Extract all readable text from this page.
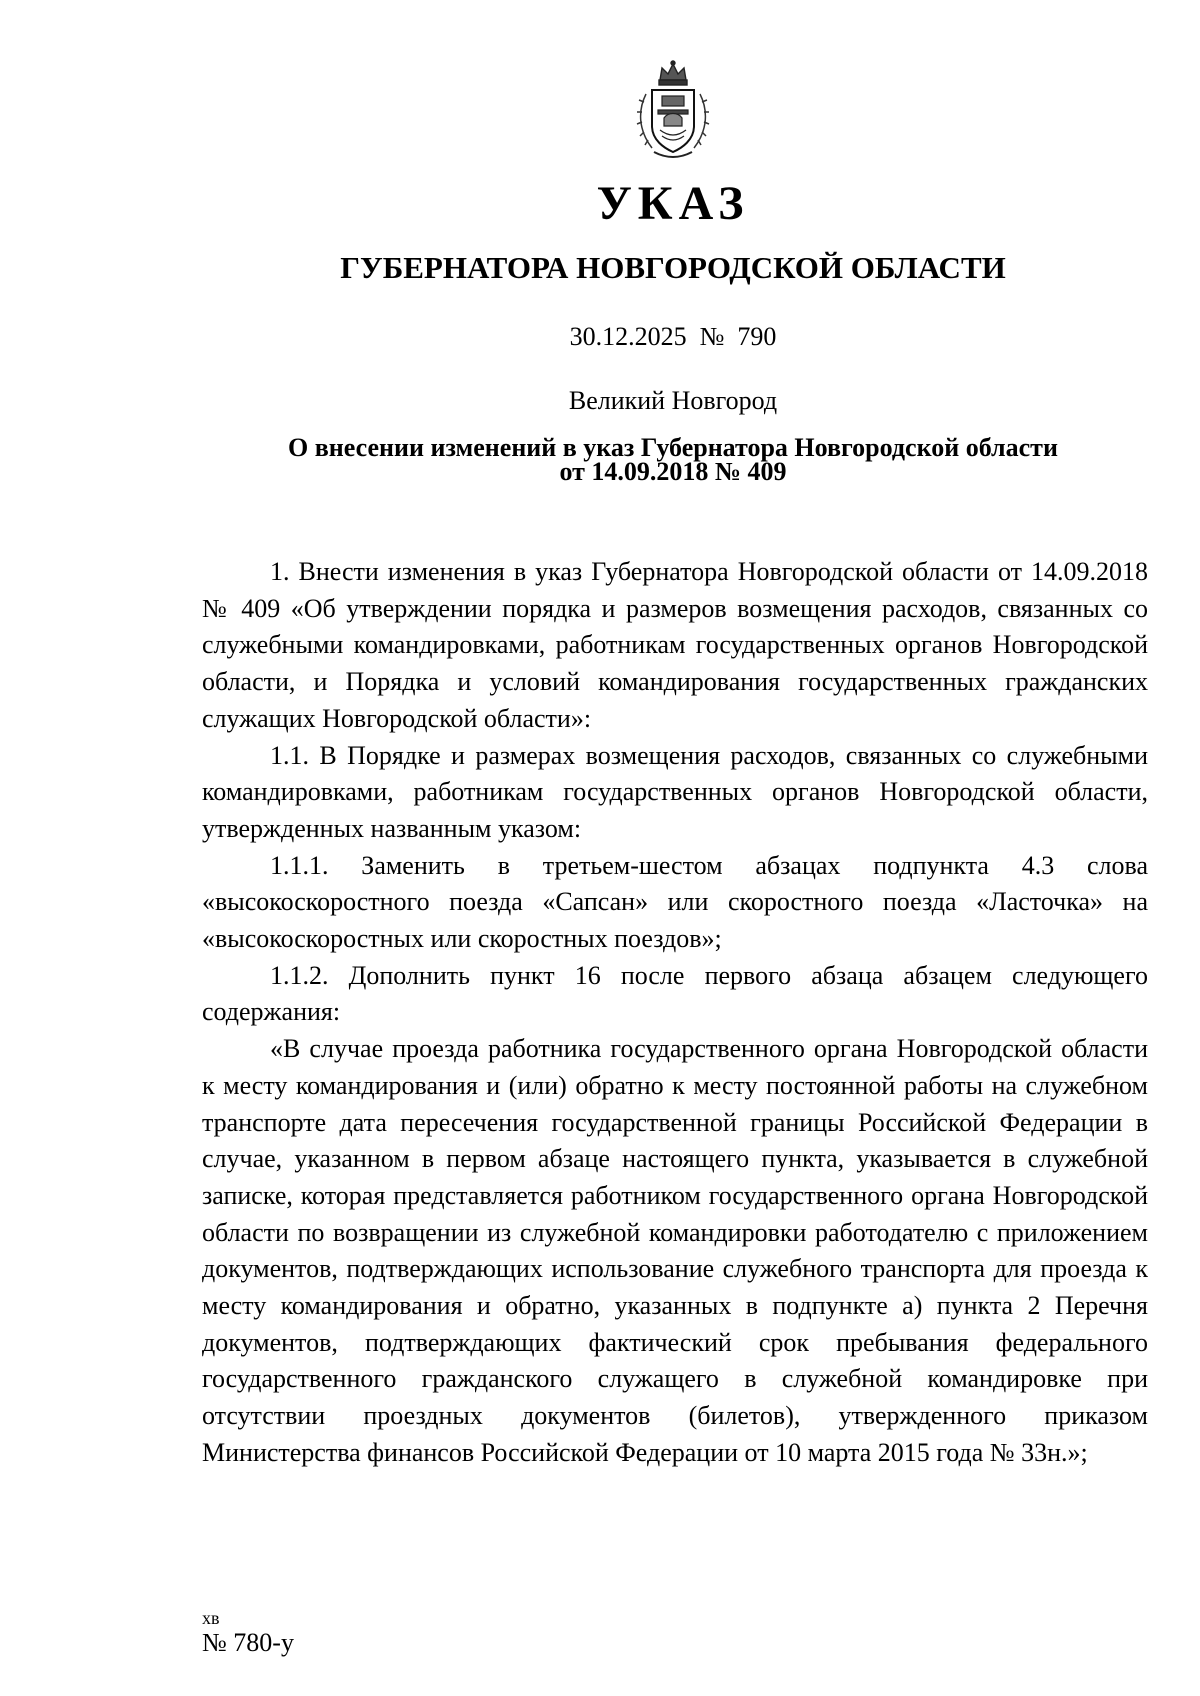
УКАЗ
ГУБЕРНАТОРА НОВГОРОДСКОЙ ОБЛАСТИ
30.12.2025  №  790
Великий Новгород
О внесении изменений в указ Губернатора Новгородской области
от 14.09.2018 № 409

1. Внести изменения в указ Губернатора Новгородской области от 14.09.2018 № 409 «Об утверждении порядка и размеров возмещения расходов, связанных со служебными командировками, работникам государственных органов Новгородской области, и Порядка и условий командирования государственных гражданских служащих Новгородской области»:

1.1. В Порядке и размерах возмещения расходов, связанных со служебными командировками, работникам государственных органов Новгородской области, утвержденных названным указом:

1.1.1. Заменить в третьем-шестом абзацах подпункта 4.3 слова «высокоскоростного поезда «Сапсан» или скоростного поезда «Ласточка» на «высокоскоростных или скоростных поездов»;

1.1.2. Дополнить пункт 16 после первого абзаца абзацем следующего содержания:

«В случае проезда работника государственного органа Новгородской области к месту командирования и (или) обратно к месту постоянной работы на служебном транспорте дата пересечения государственной границы Российской Федерации в случае, указанном в первом абзаце настоящего пункта, указывается в служебной записке, которая представляется работником государственного органа Новгородской области по возвращении из служебной командировки работодателю с приложением документов, подтверждающих использование служебного транспорта для проезда к месту командирования и обратно, указанных в подпункте а) пункта 2 Перечня документов, подтверждающих фактический срок пребывания федерального государственного гражданского служащего в служебной командировке при отсутствии проездных документов (билетов), утвержденного приказом Министерства финансов Российской Федерации от 10 марта 2015 года № 33н.»;

хв
№ 780-у
